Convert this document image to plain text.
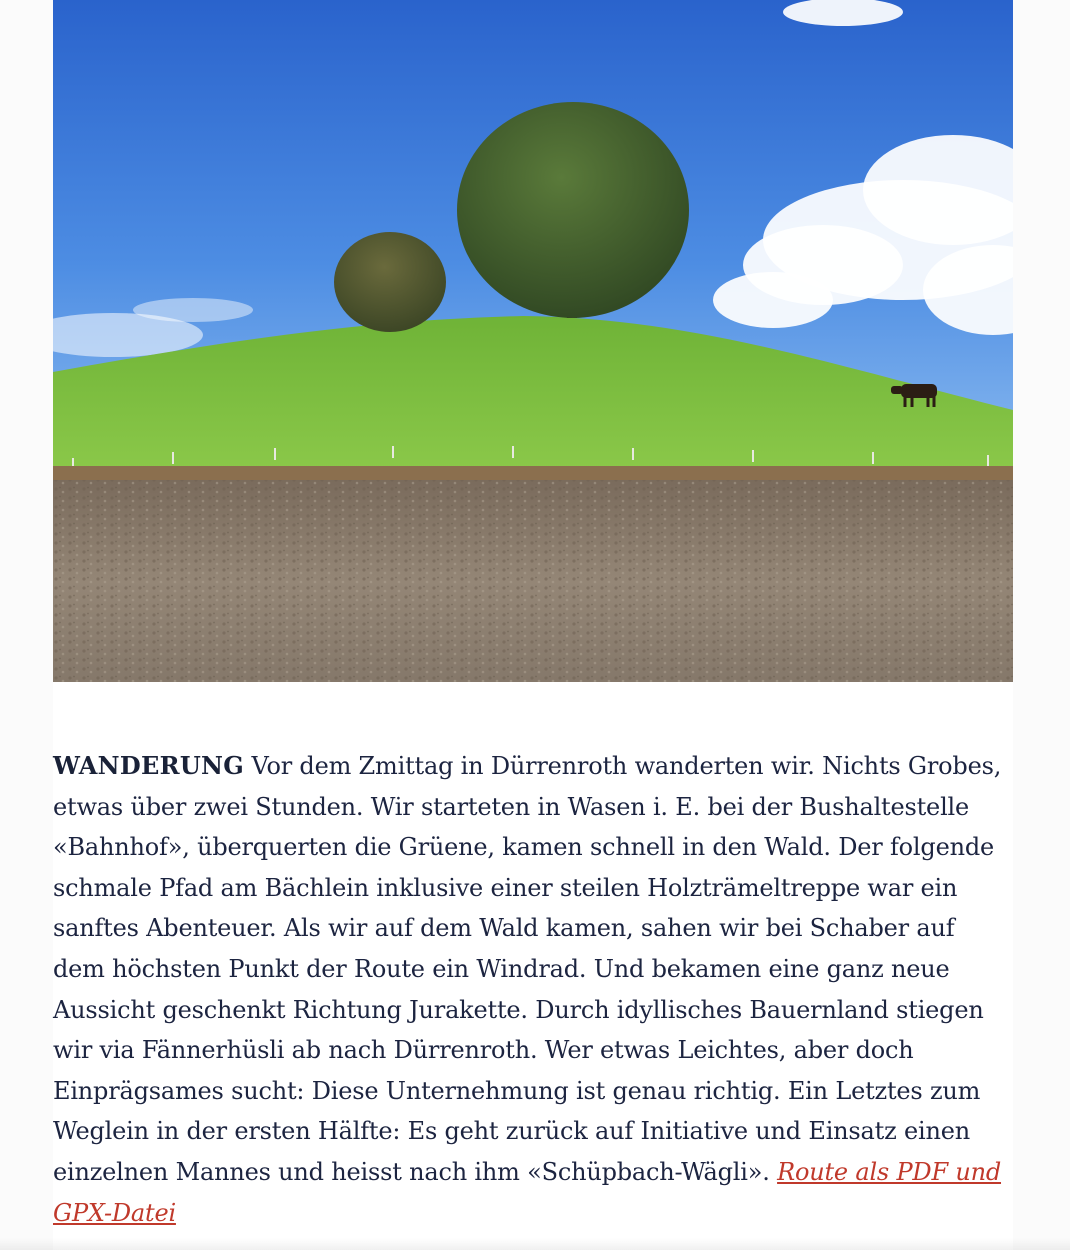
WANDERUNG Vor dem Zmittag in Dürrenroth wanderten wir. Nichts Grobes, etwas über zwei Stunden. Wir starteten in Wasen i. E. bei der Bushaltestelle «Bahnhof», überquerten die Grüene, kamen schnell in den Wald. Der folgende schmale Pfad am Bächlein inklusive einer steilen Holzträmeltreppe war ein sanftes Abenteuer. Als wir auf dem Wald kamen, sahen wir bei Schaber auf dem höchsten Punkt der Route ein Windrad. Und bekamen eine ganz neue Aussicht geschenkt Richtung Jurakette. Durch idyllisches Bauernland stiegen wir via Fännerhüsli ab nach Dürrenroth. Wer etwas Leichtes, aber doch Einprägsames sucht: Diese Unternehmung ist genau richtig. Ein Letztes zum Weglein in der ersten Hälfte: Es geht zurück auf Initiative und Einsatz einen einzelnen Mannes und heisst nach ihm «Schüpbach-Wägli». Route als PDF und GPX-Datei
